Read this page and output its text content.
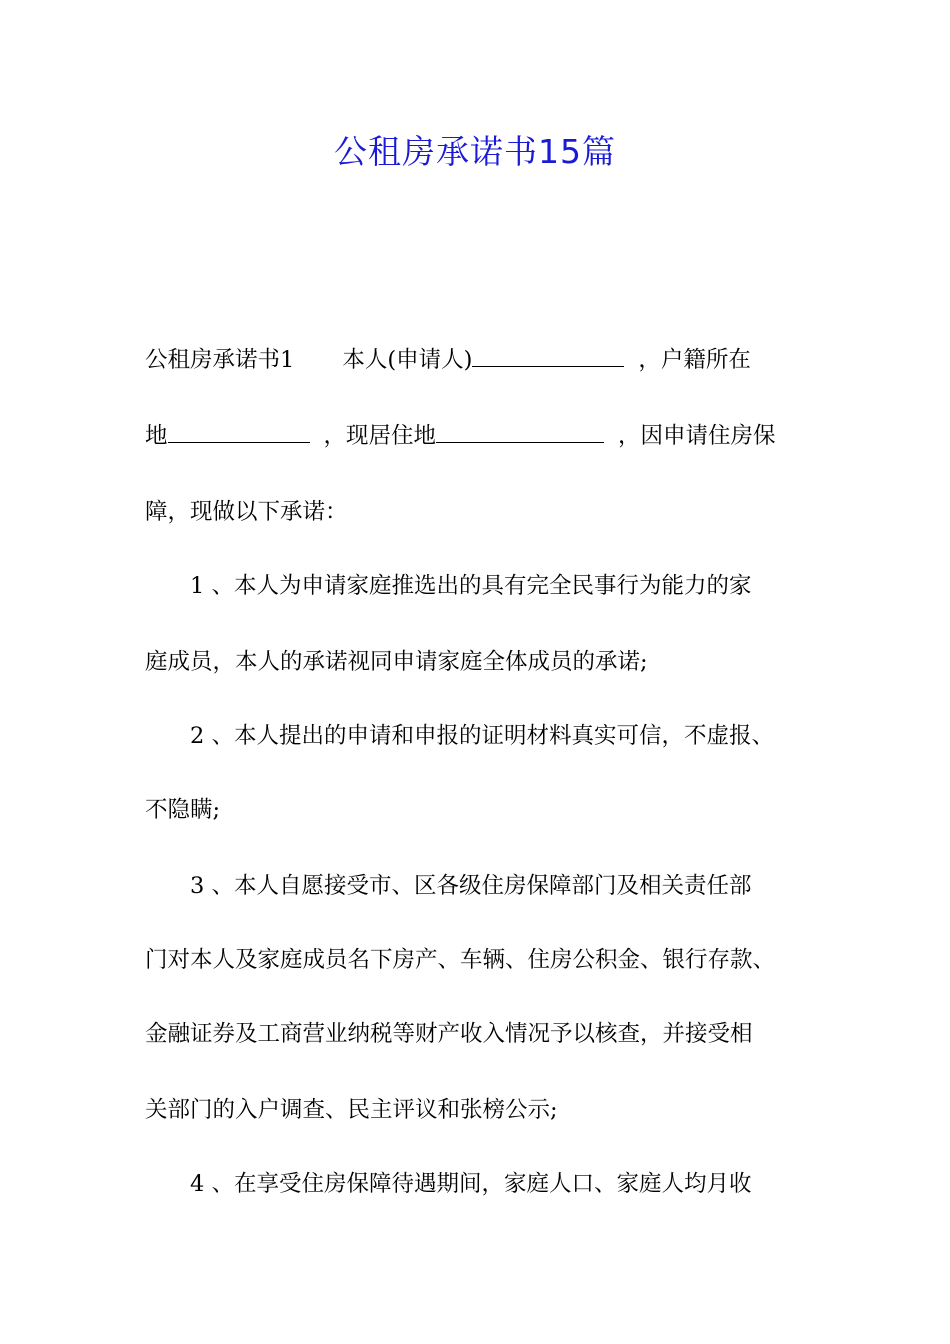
公租房承诺书15篇
公租房承诺书1 本人(申请人)	，户籍所在
地	，现居住地	，因申请住房保
障，现做以下承诺：
1 、本人为申请家庭推选出的具有完全民事行为能力的家
庭成员，本人的承诺视同申请家庭全体成员的承诺;
2 、本人提出的申请和申报的证明材料真实可信，不虚报、
不隐瞒;
3 、本人自愿接受市、区各级住房保障部门及相关责任部
门对本人及家庭成员名下房产、车辆、住房公积金、银行存款、
金融证券及工商营业纳税等财产收入情况予以核查，并接受相
关部门的入户调查、民主评议和张榜公示;
4 、在享受住房保障待遇期间，家庭人口、家庭人均月收
